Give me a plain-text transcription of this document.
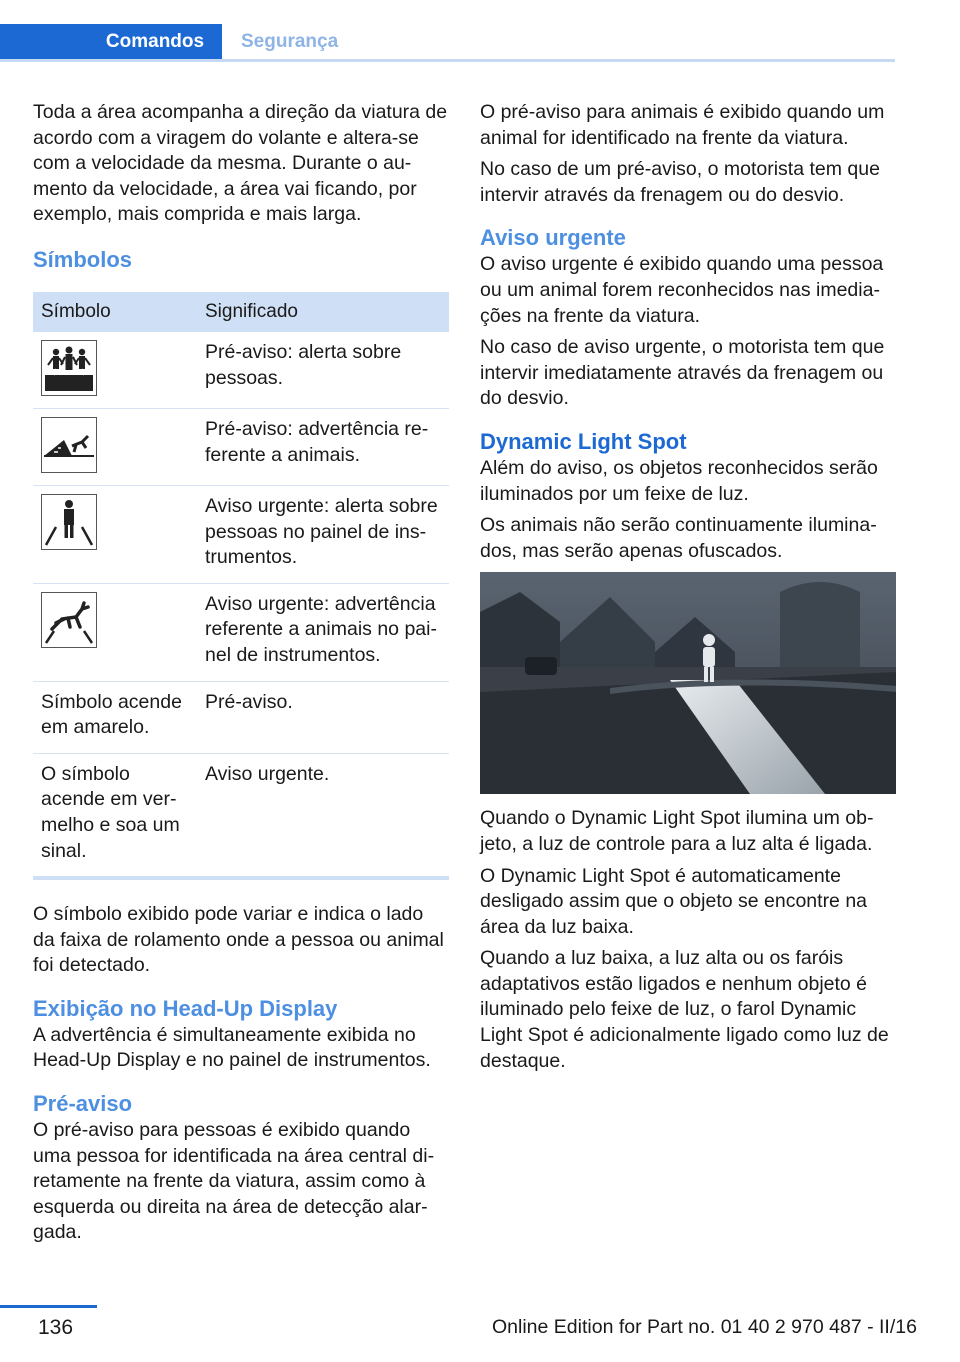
Comandos Segurança

Toda a área acompanha a direção da viatura de acordo com a viragem do volante e altera-se com a velocidade da mesma. Durante o aumento da velocidade, a área vai ficando, por exemplo, mais comprida e mais larga.

Símbolos
Símbolo	Significado

	Pré-aviso: alerta sobre pessoas.

	Pré-aviso: advertência referente a animais.

	Aviso urgente: alerta sobre pessoas no painel de instrumentos.

	Aviso urgente: advertência referente a animais no painel de instrumentos.
Símbolo acende em amarelo.	Pré-aviso.
O símbolo acende em vermelho e soa um sinal.	Aviso urgente.

O símbolo exibido pode variar e indica o lado da faixa de rolamento onde a pessoa ou animal foi detectado.

Exibição no Head-Up Display

A advertência é simultaneamente exibida no Head-Up Display e no painel de instrumentos.

Pré-aviso

O pré-aviso para pessoas é exibido quando uma pessoa for identificada na área central diretamente na frente da viatura, assim como à esquerda ou direita na área de detecção alargada.

O pré-aviso para animais é exibido quando um animal for identificado na frente da viatura.

No caso de um pré-aviso, o motorista tem que intervir através da frenagem ou do desvio.

Aviso urgente

O aviso urgente é exibido quando uma pessoa ou um animal forem reconhecidos nas imediações na frente da viatura.

No caso de aviso urgente, o motorista tem que intervir imediatamente através da frenagem ou do desvio.

Dynamic Light Spot

Além do aviso, os objetos reconhecidos serão iluminados por um feixe de luz.

Os animais não serão continuamente iluminados, mas serão apenas ofuscados.

Quando o Dynamic Light Spot ilumina um objeto, a luz de controle para a luz alta é ligada.

O Dynamic Light Spot é automaticamente desligado assim que o objeto se encontre na área da luz baixa.

Quando a luz baixa, a luz alta ou os faróis adaptativos estão ligados e nenhum objeto é iluminado pelo feixe de luz, o farol Dynamic Light Spot é adicionalmente ligado como luz de destaque.

136	Online Edition for Part no. 01 40 2 970 487 - II/16
